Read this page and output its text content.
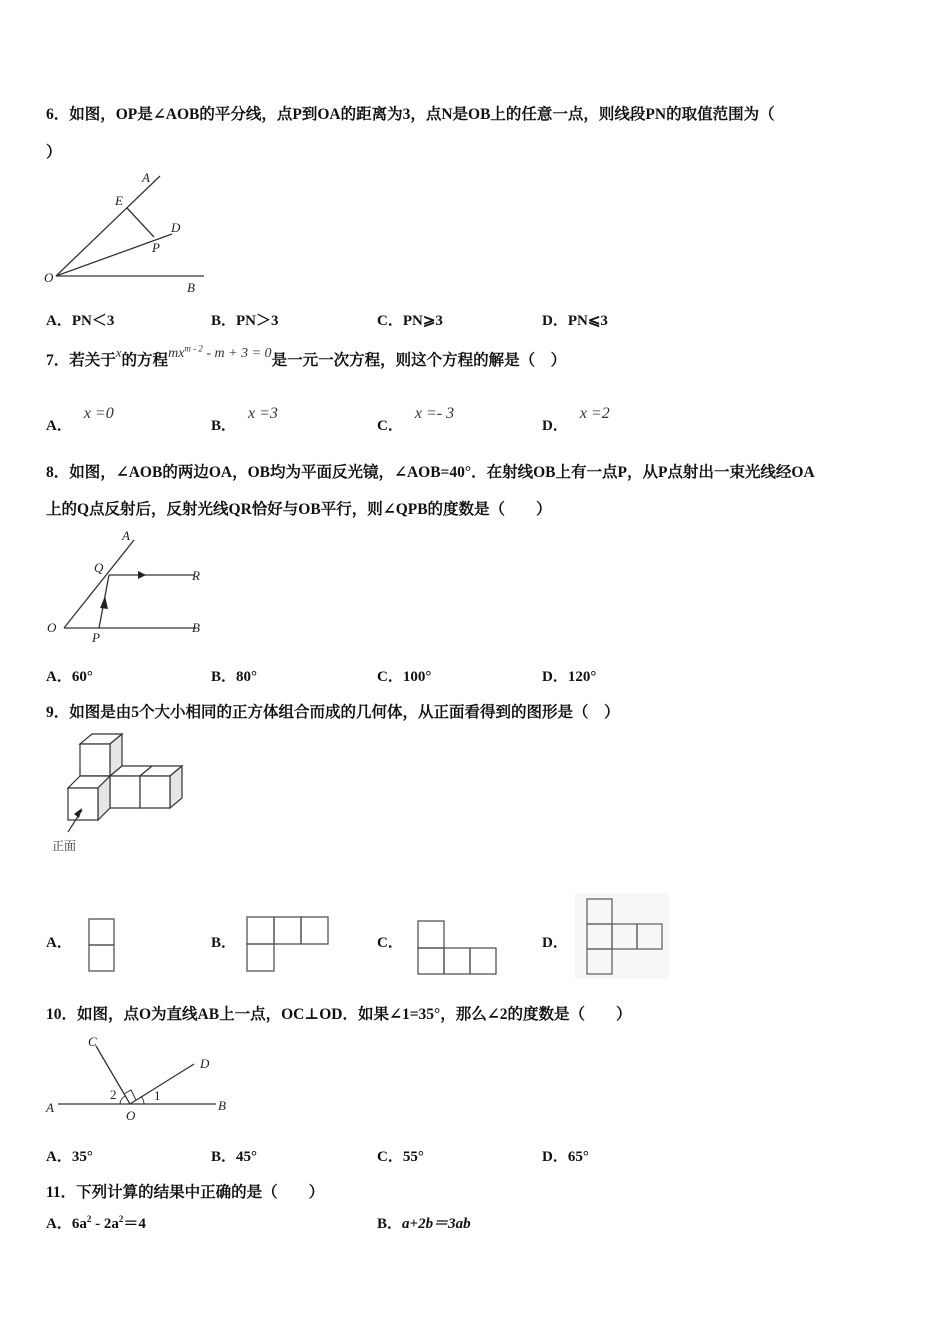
6．如图，OP是∠AOB的平分线，点P到OA的距离为3，点N是OB上的任意一点，则线段PN的取值范围为（
）
A
E
D
P
O
B
A．PN＜3	B．PN＞3	C．PN⩾3	D．PN⩽3
7．若关于$^x$的方程$mx^{m - 2} - m + 3 = 0$是一元一次方程，则这个方程的解是（　）
A．x =0
B．x =3
C．x =- 3
D．x =2
8．如图，∠AOB的两边OA，OB均为平面反光镜，∠AOB=40°．在射线OB上有一点P，从P点射出一束光线经OA
上的Q点反射后，反射光线QR恰好与OB平行，则∠QPB的度数是（　　）
A
Q
R
O
P
B
A．60°	B．80°	C．100°	D．120°
9．如图是由5个大小相同的正方体组合而成的几何体，从正面看得到的图形是（　）
正面
A．	B．	C．	D．
10．如图，点O为直线AB上一点，OC⊥OD．如果∠1=35°，那么∠2的度数是（　　）
C
D
A	B
O
1
2
A．35°	B．45°	C．55°	D．65°
11．下列计算的结果中正确的是（　　）
A．$6a^2 - 2a^2=4$	B．a+2b＝3ab
